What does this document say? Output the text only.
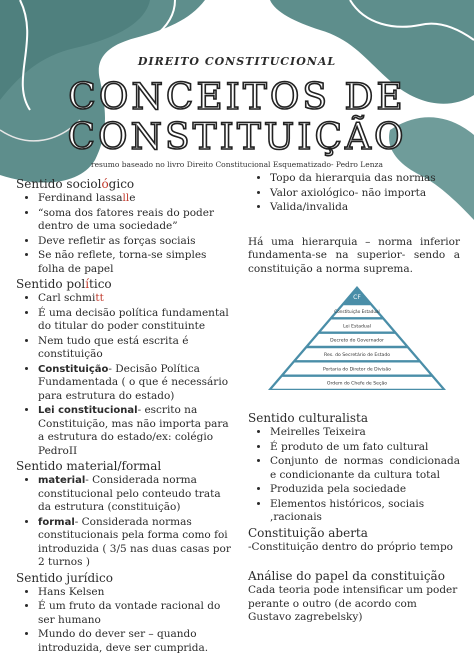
DIREITO CONSTITUCIONAL
CONCEITOS DE
CONSTITUIÇÃO
resumo baseado no livro Direito Constitucional Esquematizado- Pedro Lenza
Sentido sociológico
• Ferdinand lassalle
• “soma dos fatores reais do poder dentro de uma sociedade”
• Deve refletir as forças sociais
• Se não reflete, torna-se simples folha de papel
Sentido político
• Carl schmitt
• É uma decisão política fundamental do titular do poder constituinte
• Nem tudo que está escrita é constituição
• Constituição- Decisão Política Fundamentada ( o que é necessário para estrutura do estado)
• Lei constitucional- escrito na Constituição, mas não importa para a estrutura do estado/ex: colégio PedroII
Sentido material/formal
• material- Considerada norma constitucional pelo conteudo trata da estrutura (constituição)
• formal- Considerada normas constitucionais pela forma como foi introduzida ( 3/5 nas duas casas por 2 turnos )
Sentido jurídico
• Hans Kelsen
• É um fruto da vontade racional do ser humano
• Mundo do dever ser – quando introduzida, deve ser cumprida.
• Topo da hierarquia das normas
• Valor axiológico- não importa
• Valida/invalida
Há uma hierarquia – norma inferior fundamenta-se na superior- sendo a constituição a norma suprema.
Sentido culturalista
• Meirelles Teixeira
• É produto de um fato cultural
• Conjunto de normas condicionada e condicionante da cultura total
• Produzida pela sociedade
• Elementos históricos, sociais ,racionais
Constituição aberta
-Constituição dentro do próprio tempo
Análise do papel da constituição
Cada teoria pode intensificar um poder perante o outro (de acordo com Gustavo zagrebelsky)
CF
Constituição Estadual
Lei Estadual
Decreto do Governador
Res. do Secretário de Estado
Portaria do Diretor de Divisão
Ordem do Chefe de Seção
